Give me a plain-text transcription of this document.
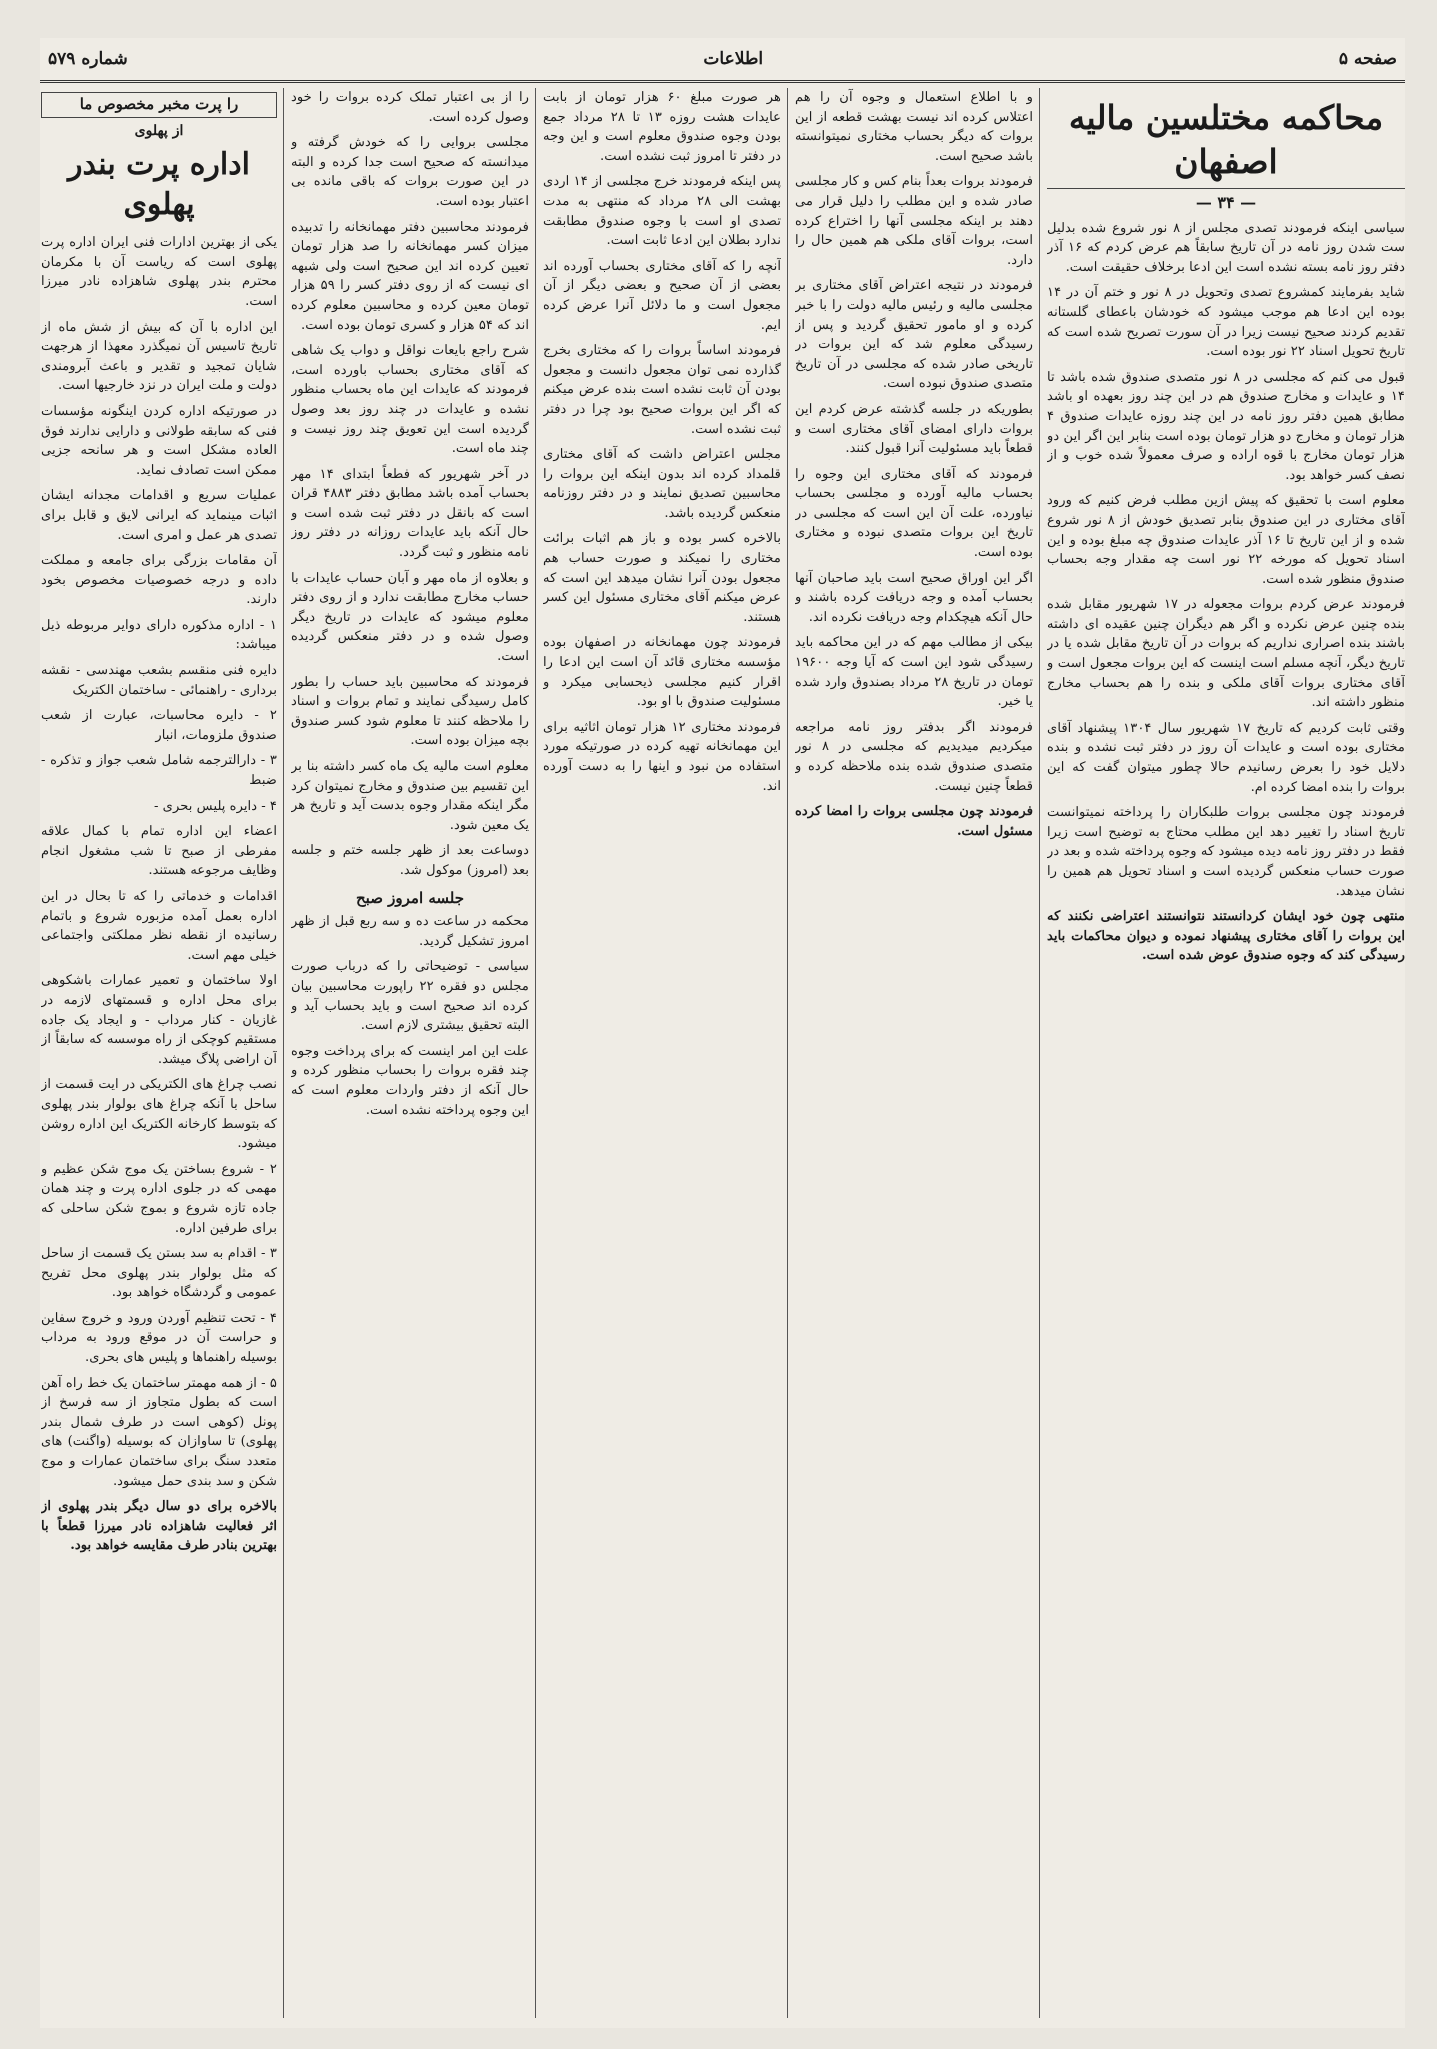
صفحه ۵
اطلاعات
شماره ۵۷۹
محاکمه مختلسین مالیه اصفهان
— ۳۴ —

سیاسی اینکه فرمودند تصدی مجلس از ۸ نور شروع شده بدلیل ست شدن روز نامه در آن تاریخ سابقاً هم عرض کردم که ۱۶ آذر دفتر روز نامه بسته نشده است این ادعا برخلاف حقیقت است.

شاید بفرمایند کمشروع تصدی وتحویل در ۸ نور و ختم آن در ۱۴ بوده این ادعا هم موجب میشود که خودشان باعطای گلستانه تقدیم کردند صحیح نیست زیرا در آن سورت تصریح شده است که تاریخ تحویل اسناد ۲۲ نور بوده است.

قبول می کنم که مجلسی در ۸ نور متصدی صندوق شده باشد تا ۱۴ و عایدات و مخارج صندوق هم در این چند روز بعهده او باشد مطابق همین دفتر روز نامه در این چند روزه عایدات صندوق ۴ هزار تومان و مخارج دو هزار تومان بوده است بنابر این اگر این دو هزار تومان مخارج با قوه اراده و صرف معمولاً شده خوب و از نصف کسر خواهد بود.

معلوم است با تحقیق که پیش ازین مطلب فرض کنیم که ورود آقای مختاری در این صندوق بنابر تصدیق خودش از ۸ نور شروع شده و از این تاریخ تا ۱۶ آذر عایدات صندوق چه مبلغ بوده و این اسناد تحویل که مورخه ۲۲ نور است چه مقدار وجه بحساب صندوق منظور شده است.

فرمودند عرض کردم بروات مجعوله در ۱۷ شهریور مقابل شده بنده چنین عرض نکرده و اگر هم دیگران چنین عقیده ای داشته باشند بنده اصراری نداریم که بروات در آن تاریخ مقابل شده یا در تاریخ دیگر، آنچه مسلم است اینست که این بروات مجعول است و آقای مختاری بروات آقای ملکی و بنده را هم بحساب مخارج منظور داشته اند.

وقتی ثابت کردیم که تاریخ ۱۷ شهریور سال ۱۳۰۴ پیشنهاد آقای مختاری بوده است و عایدات آن روز در دفتر ثبت نشده و بنده دلایل خود را بعرض رسانیدم حالا چطور میتوان گفت که این بروات را بنده امضا کرده ام.

فرمودند چون مجلسی بروات طلبکاران را پرداخته نمیتوانست تاریخ اسناد را تغییر دهد این مطلب محتاج به توضیح است زیرا فقط در دفتر روز نامه دیده میشود که وجوه پرداخته شده و بعد در صورت حساب منعکس گردیده است و اسناد تحویل هم همین را نشان میدهد.

منتهی چون خود ایشان کردانستند نتوانستند اعتراضی نکنند که این بروات را آقای مختاری پیشنهاد نموده و دیوان محاکمات باید رسیدگی کند که وجوه صندوق عوض شده است.

را از بی اعتبار تملک کرده بروات را خود وصول کرده است.

مجلسی بروایی را که خودش گرفته و میدانسته که صحیح است جدا کرده و البته در این صورت بروات که باقی مانده بی اعتبار بوده است.

فرمودند محاسبین دفتر مهمانخانه را تدبیده میزان کسر مهمانخانه را صد هزار تومان تعیین کرده اند این صحیح است ولی شبهه ای نیست که از روی دفتر کسر را ۵۹ هزار تومان معین کرده و محاسبین معلوم کرده اند که ۵۴ هزار و کسری تومان بوده است.

شرح راجع بایعات نواقل و دواب یک شاهی که آقای مختاری بحساب باورده است، فرمودند که عایدات این ماه بحساب منظور نشده و عایدات در چند روز بعد وصول گردیده است این تعویق چند روز نیست و چند ماه است.

در آخر شهریور که فطعاً ابتدای ۱۴ مهر بحساب آمده باشد مطابق دفتر ۴۸۸۳ قران است که بانقل در دفتر ثبت شده است و حال آنکه باید عایدات روزانه در دفتر روز نامه منظور و ثبت گردد.

و بعلاوه از ماه مهر و آبان حساب عایدات با حساب مخارج مطابقت ندارد و از روی دفتر معلوم میشود که عایدات در تاریخ دیگر وصول شده و در دفتر منعکس گردیده است.

فرمودند که محاسبین باید حساب را بطور کامل رسیدگی نمایند و تمام بروات و اسناد را ملاحظه کنند تا معلوم شود کسر صندوق بچه میزان بوده است.

معلوم است مالیه یک ماه کسر داشته بنا بر این تقسیم بین صندوق و مخارج نمیتوان کرد مگر اینکه مقدار وجوه بدست آید و تاریخ هر یک معین شود.

دوساعت بعد از ظهر جلسه ختم و جلسه بعد (امروز) موکول شد.

جلسه امروز صبح

محکمه در ساعت ده و سه ربع قبل از ظهر امروز تشکیل گردید.

سیاسی - توضیحاتی را که درباب صورت مجلس دو فقره ۲۲ راپورت محاسبین بیان کرده اند صحیح است و باید بحساب آید و البته تحقیق بیشتری لازم است.

علت این امر اینست که برای پرداخت وجوه چند فقره بروات را بحساب منظور کرده و حال آنکه از دفتر واردات معلوم است که این وجوه پرداخته نشده است.

و با اطلاع استعمال و وجوه آن را هم اعتلاس کرده اند نیست بهشت قطعه از این بروات که دیگر بحساب مختاری نمیتوانسته باشد صحیح است.

فرمودند بروات بعداً بنام کس و کار مجلسی صادر شده و این مطلب را دلیل قرار می دهند بر اینکه مجلسی آنها را اختراع کرده است، بروات آقای ملکی هم همین حال را دارد.

فرمودند در نتیجه اعتراض آقای مختاری بر مجلسی مالیه و رئیس مالیه دولت را با خبر کرده و او مامور تحقیق گردید و پس از رسیدگی معلوم شد که این بروات در تاریخی صادر شده که مجلسی در آن تاریخ متصدی صندوق نبوده است.

بطوریکه در جلسه گذشته عرض کردم این بروات دارای امضای آقای مختاری است و قطعاً باید مسئولیت آنرا قبول کنند.

فرمودند که آقای مختاری این وجوه را بحساب مالیه آورده و مجلسی بحساب نیاورده، علت آن این است که مجلسی در تاریخ این بروات متصدی نبوده و مختاری بوده است.

اگر این اوراق صحیح است باید صاحبان آنها بحساب آمده و وجه دریافت کرده باشند و حال آنکه هیچکدام وجه دریافت نکرده اند.

بیکی از مطالب مهم که در این محاکمه باید رسیدگی شود این است که آیا وجه ۱۹۶۰۰ تومان در تاریخ ۲۸ مرداد بصندوق وارد شده یا خیر.

فرمودند اگر بدفتر روز نامه مراجعه میکردیم میدیدیم که مجلسی در ۸ نور متصدی صندوق شده بنده ملاحظه کرده و قطعاً چنین نیست.

فرمودند چون مجلسی بروات را امضا کرده مسئول است.

هر صورت مبلغ ۶۰ هزار تومان از بابت عایدات هشت روزه ۱۳ تا ۲۸ مرداد جمع بودن وجوه صندوق معلوم است و این وجه در دفتر تا امروز ثبت نشده است.

پس اینکه فرمودند خرج مجلسی از ۱۴ اردی بهشت الی ۲۸ مرداد که منتهی به مدت تصدی او است با وجوه صندوق مطابقت ندارد بطلان این ادعا ثابت است.

آنچه را که آقای مختاری بحساب آورده اند بعضی از آن صحیح و بعضی دیگر از آن مجعول است و ما دلائل آنرا عرض کرده ایم.

فرمودند اساساً بروات را که مختاری بخرج گذارده نمی توان مجعول دانست و مجعول بودن آن ثابت نشده است بنده عرض میکنم که اگر این بروات صحیح بود چرا در دفتر ثبت نشده است.

مجلس اعتراض داشت که آقای مختاری قلمداد کرده اند بدون اینکه این بروات را محاسبین تصدیق نمایند و در دفتر روزنامه منعکس گردیده باشد.

بالاخره کسر بوده و باز هم اثبات برائت مختاری را نمیکند و صورت حساب هم مجعول بودن آنرا نشان میدهد این است که عرض میکنم آقای مختاری مسئول این کسر هستند.

فرمودند چون مهمانخانه در اصفهان بوده مؤسسه مختاری قائد آن است این ادعا را اقرار کنیم مجلسی ذیحسابی میکرد و مسئولیت صندوق با او بود.

فرمودند مختاری ۱۲ هزار تومان اثاثیه برای این مهمانخانه تهیه کرده در صورتیکه مورد استفاده من نبود و اینها را به دست آورده اند.

را پرت مخبر مخصوص ما
از پهلوی
اداره پرت بندر پهلوی

یکی از بهترین ادارات فنی ایران اداره پرت پهلوی است که ریاست آن با مکرمان محترم بندر پهلوی شاهزاده نادر میرزا است.

این اداره با آن که بیش از شش ماه از تاریخ تاسیس آن نمیگذرد معهذا از هرجهت شایان تمجید و تقدیر و باعث آبرومندی دولت و ملت ایران در نزد خارجیها است.

در صورتیکه اداره کردن اینگونه مؤسسات فنی که سابقه طولانی و دارایی ندارند فوق العاده مشکل است و هر سانحه جزیی ممکن است تصادف نماید.

عملیات سریع و اقدامات مجدانه ایشان اثبات مینماید که ایرانی لایق و قابل برای تصدی هر عمل و امری است.

آن مقامات بزرگی برای جامعه و مملکت داده و درجه خصوصیات مخصوص بخود دارند.

۱ - اداره مذکوره دارای دوایر مربوطه ذیل میباشد:

دایره فنی منقسم بشعب مهندسی - نقشه برداری - راهنمائی - ساختمان الکتریک

۲ - دایره محاسبات، عبارت از شعب صندوق ملزومات، انبار

۳ - دارالترجمه شامل شعب جواز و تذکره - ضبط

۴ - دایره پلیس بحری -

اعضاء این اداره تمام با کمال علاقه مفرطی از صبح تا شب مشغول انجام وظایف مرجوعه هستند.

اقدامات و خدماتی را که تا بحال در این اداره بعمل آمده مزبوره شروع و باتمام رسانیده از نقطه نظر مملکتی واجتماعی خیلی مهم است.

اولا ساختمان و تعمیر عمارات باشکوهی برای محل اداره و قسمتهای لازمه در غازیان - کنار مرداب - و ایجاد یک جاده مستقیم کوچکی از راه موسسه که سابقاً از آن اراضی پلاگ میشد.

نصب چراغ های الکتریکی در ایت قسمت از ساحل با آنکه چراغ های بولوار بندر پهلوی که بتوسط کارخانه الکتریک این اداره روشن میشود.

۲ - شروع بساختن یک موج شکن عظیم و مهمی که در جلوی اداره پرت و چند همان جاده تازه شروع و بموج شکن ساحلی که برای طرفین اداره.

۳ - اقدام به سد بستن یک قسمت از ساحل که مثل بولوار بندر پهلوی محل تفریح عمومی و گردشگاه خواهد بود.

۴ - تحت تنظیم آوردن ورود و خروج سفاین و حراست آن در موقع ورود به مرداب بوسیله راهنماها و پلیس های بحری.

۵ - از همه مهمتر ساختمان یک خط راه آهن است که بطول متجاوز از سه فرسخ از پونل (کوهی است در طرف شمال بندر پهلوی) تا ساوازان که بوسیله (واگنت) های متعدد سنگ برای ساختمان عمارات و موج شکن و سد بندی حمل میشود.

بالاخره برای دو سال دیگر بندر پهلوی از اثر فعالیت شاهزاده نادر میرزا قطعاً با بهترین بنادر طرف مقایسه خواهد بود.
